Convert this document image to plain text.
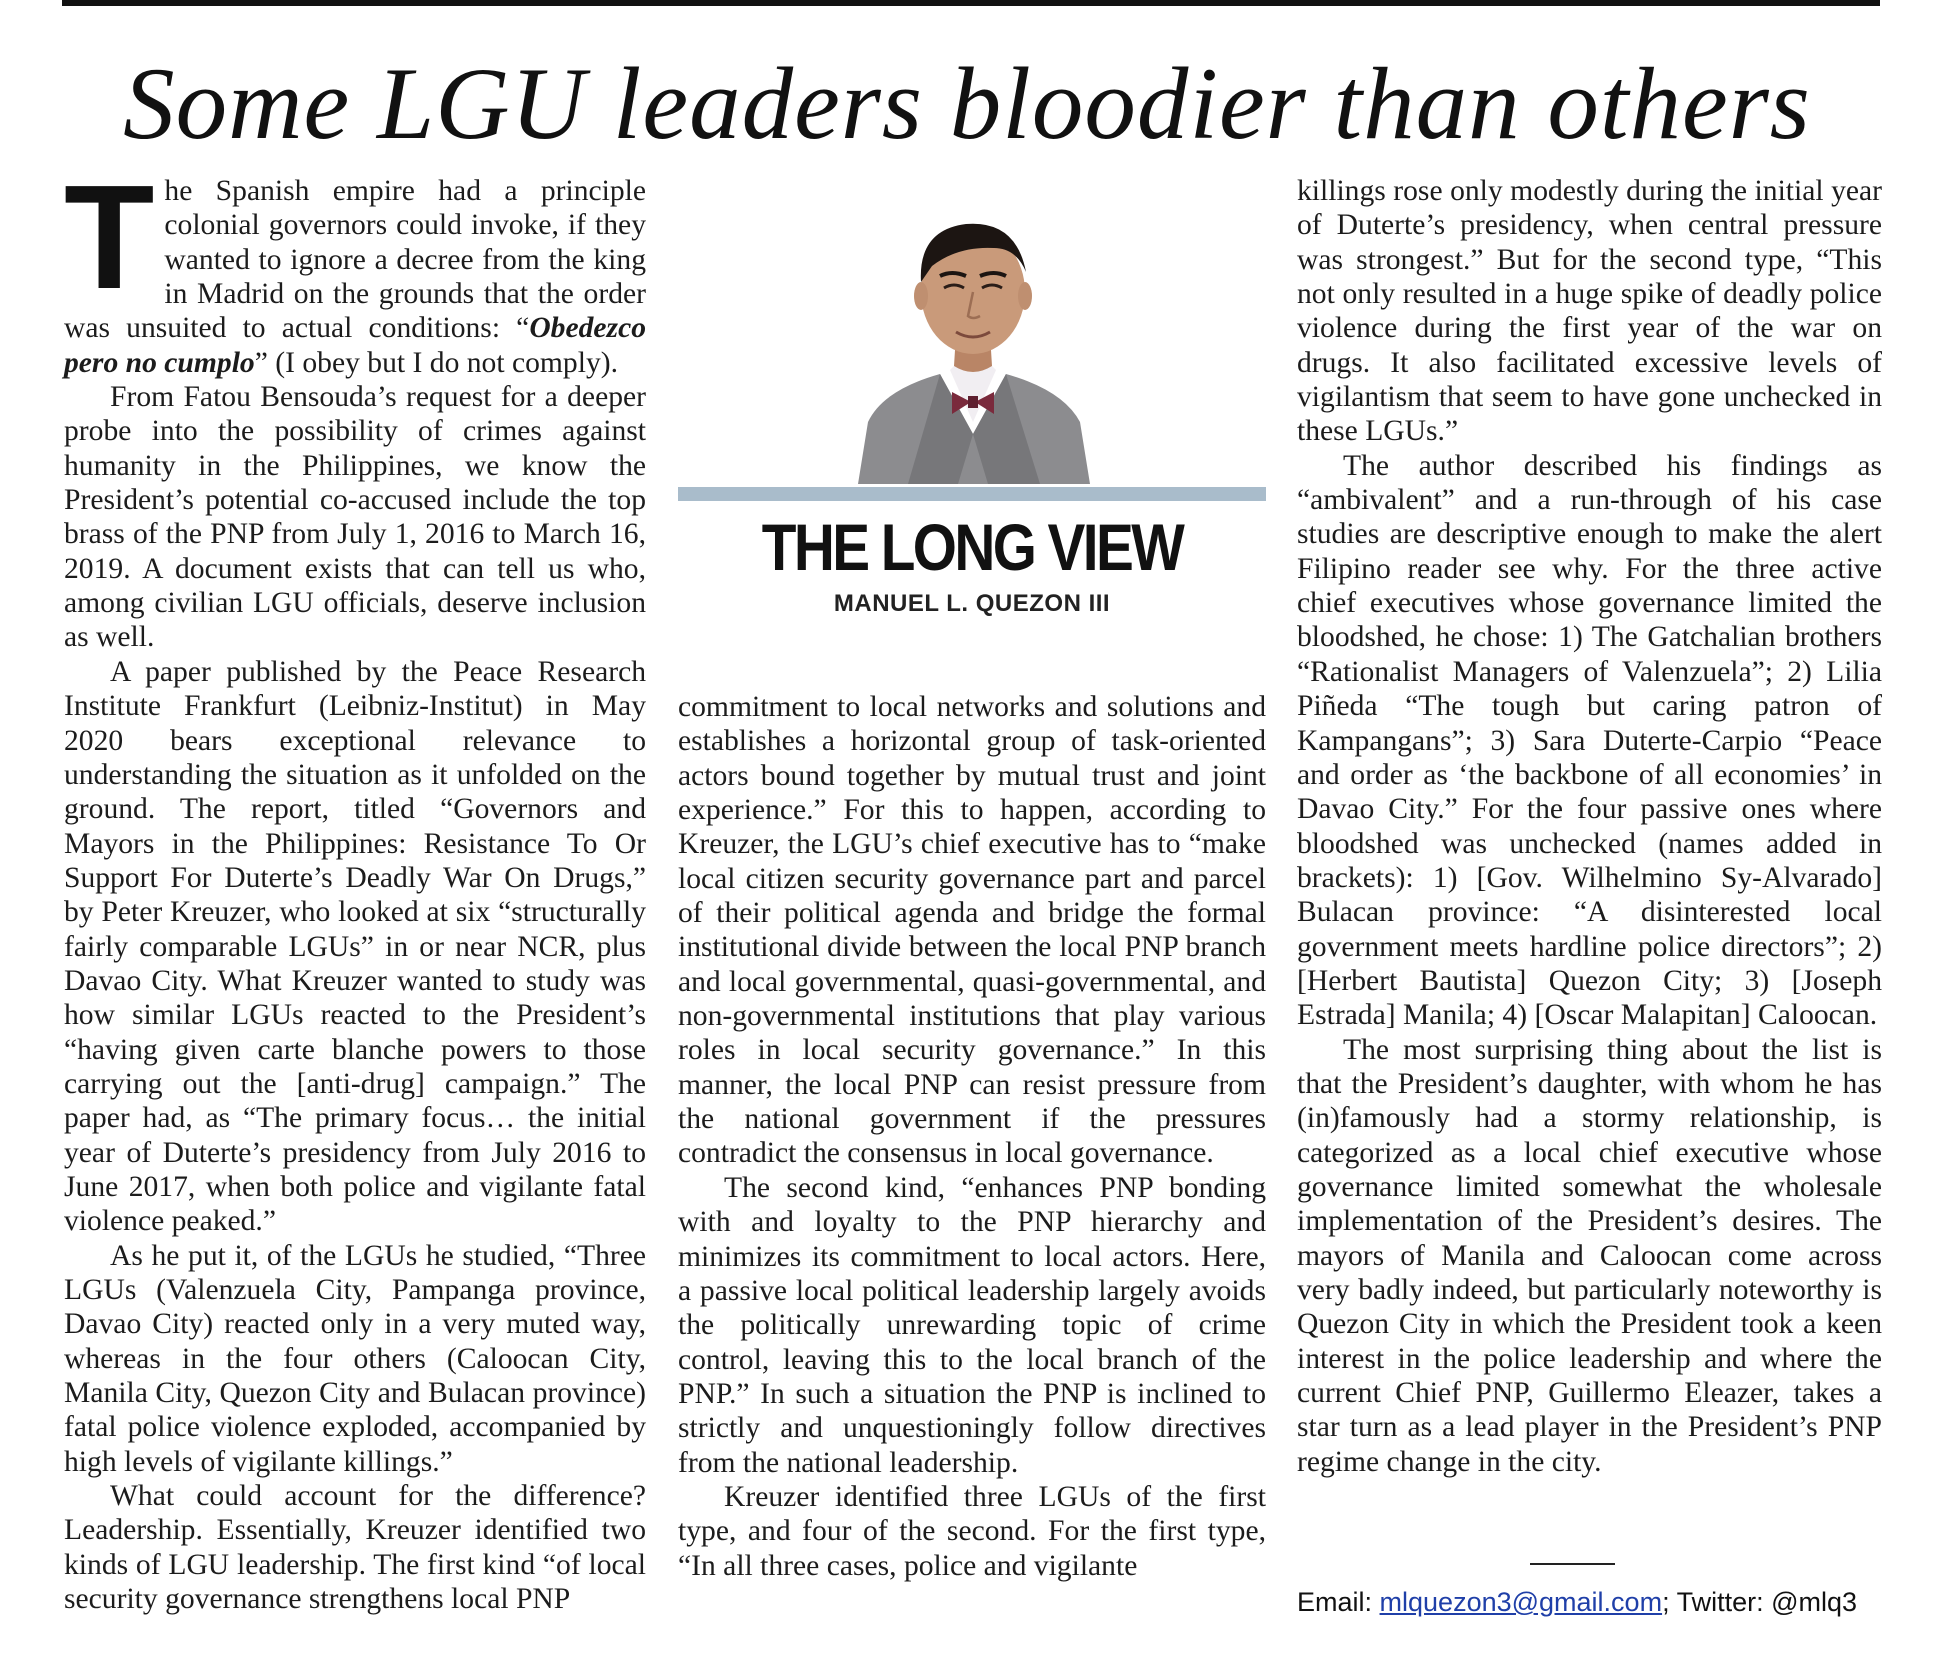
Some LGU leaders bloodier than others

The Spanish empire had a principle colonial governors could invoke, if they wanted to ignore a decree from the king in Madrid on the grounds that the order was unsuited to actual conditions: “Obedezco pero no cumplo” (I obey but I do not comply).

From Fatou Bensouda’s request for a deeper probe into the possibility of crimes against humanity in the Philippines, we know the President’s potential co-accused include the top brass of the PNP from July 1, 2016 to March 16, 2019. A document exists that can tell us who, among civilian LGU officials, deserve inclusion as well.

A paper published by the Peace Research Institute Frankfurt (Leibniz-Institut) in May 2020 bears exceptional relevance to understanding the situation as it unfolded on the ground. The report, titled “Governors and Mayors in the Philippines: Resistance To Or Support For Duterte’s Deadly War On Drugs,” by Peter Kreuzer, who looked at six “structurally fairly comparable LGUs” in or near NCR, plus Davao City. What Kreuzer wanted to study was how similar LGUs reacted to the President’s “having given carte blanche powers to those carrying out the [anti-drug] campaign.” The paper had, as “The primary focus… the initial year of Duterte’s presidency from July 2016 to June 2017, when both police and vigilante fatal violence peaked.”

As he put it, of the LGUs he studied, “Three LGUs (Valenzuela City, Pampanga province, Davao City) reacted only in a very muted way, whereas in the four others (Caloocan City, Manila City, Quezon City and Bulacan province) fatal police violence exploded, accompanied by high levels of vigilante killings.”

What could account for the difference? Leadership. Essentially, Kreuzer identified two kinds of LGU leadership. The first kind “of local security governance strengthens local PNP

THE LONG VIEW
MANUEL L. QUEZON III

commitment to local networks and solutions and establishes a horizontal group of task-oriented actors bound together by mutual trust and joint experience.” For this to happen, according to Kreuzer, the LGU’s chief executive has to “make local citizen security governance part and parcel of their political agenda and bridge the formal institutional divide between the local PNP branch and local governmental, quasi-governmental, and non-governmental institutions that play various roles in local security governance.” In this manner, the local PNP can resist pressure from the national government if the pressures contradict the consensus in local governance.

The second kind, “enhances PNP bonding with and loyalty to the PNP hierarchy and minimizes its commitment to local actors. Here, a passive local political leadership largely avoids the politically unrewarding topic of crime control, leaving this to the local branch of the PNP.” In such a situation the PNP is inclined to strictly and unquestioningly follow directives from the national leadership.

Kreuzer identified three LGUs of the first type, and four of the second. For the first type, “In all three cases, police and vigilante

killings rose only modestly during the initial year of Duterte’s presidency, when central pressure was strongest.” But for the second type, “This not only resulted in a huge spike of deadly police violence during the first year of the war on drugs. It also facilitated excessive levels of vigilantism that seem to have gone unchecked in these LGUs.”

The author described his findings as “ambivalent” and a run-through of his case studies are descriptive enough to make the alert Filipino reader see why. For the three active chief executives whose governance limited the bloodshed, he chose: 1) The Gatchalian brothers “Rationalist Managers of Valenzuela”; 2) Lilia Piñeda “The tough but caring patron of Kampangans”; 3) Sara Duterte-Carpio “Peace and order as ‘the backbone of all economies’ in Davao City.” For the four passive ones where bloodshed was unchecked (names added in brackets): 1) [Gov. Wilhelmino Sy-Alvarado] Bulacan province: “A disinterested local government meets hardline police directors”; 2) [Herbert Bautista] Quezon City; 3) [Joseph Estrada] Manila; 4) [Oscar Malapitan] Caloocan.

The most surprising thing about the list is that the President’s daughter, with whom he has (in)famously had a stormy relationship, is categorized as a local chief executive whose governance limited somewhat the wholesale implementation of the President’s desires. The mayors of Manila and Caloocan come across very badly indeed, but particularly noteworthy is Quezon City in which the President took a keen interest in the police leadership and where the current Chief PNP, Guillermo Eleazer, takes a star turn as a lead player in the President’s PNP regime change in the city.

Email: mlquezon3@gmail.com; Twitter: @mlq3
